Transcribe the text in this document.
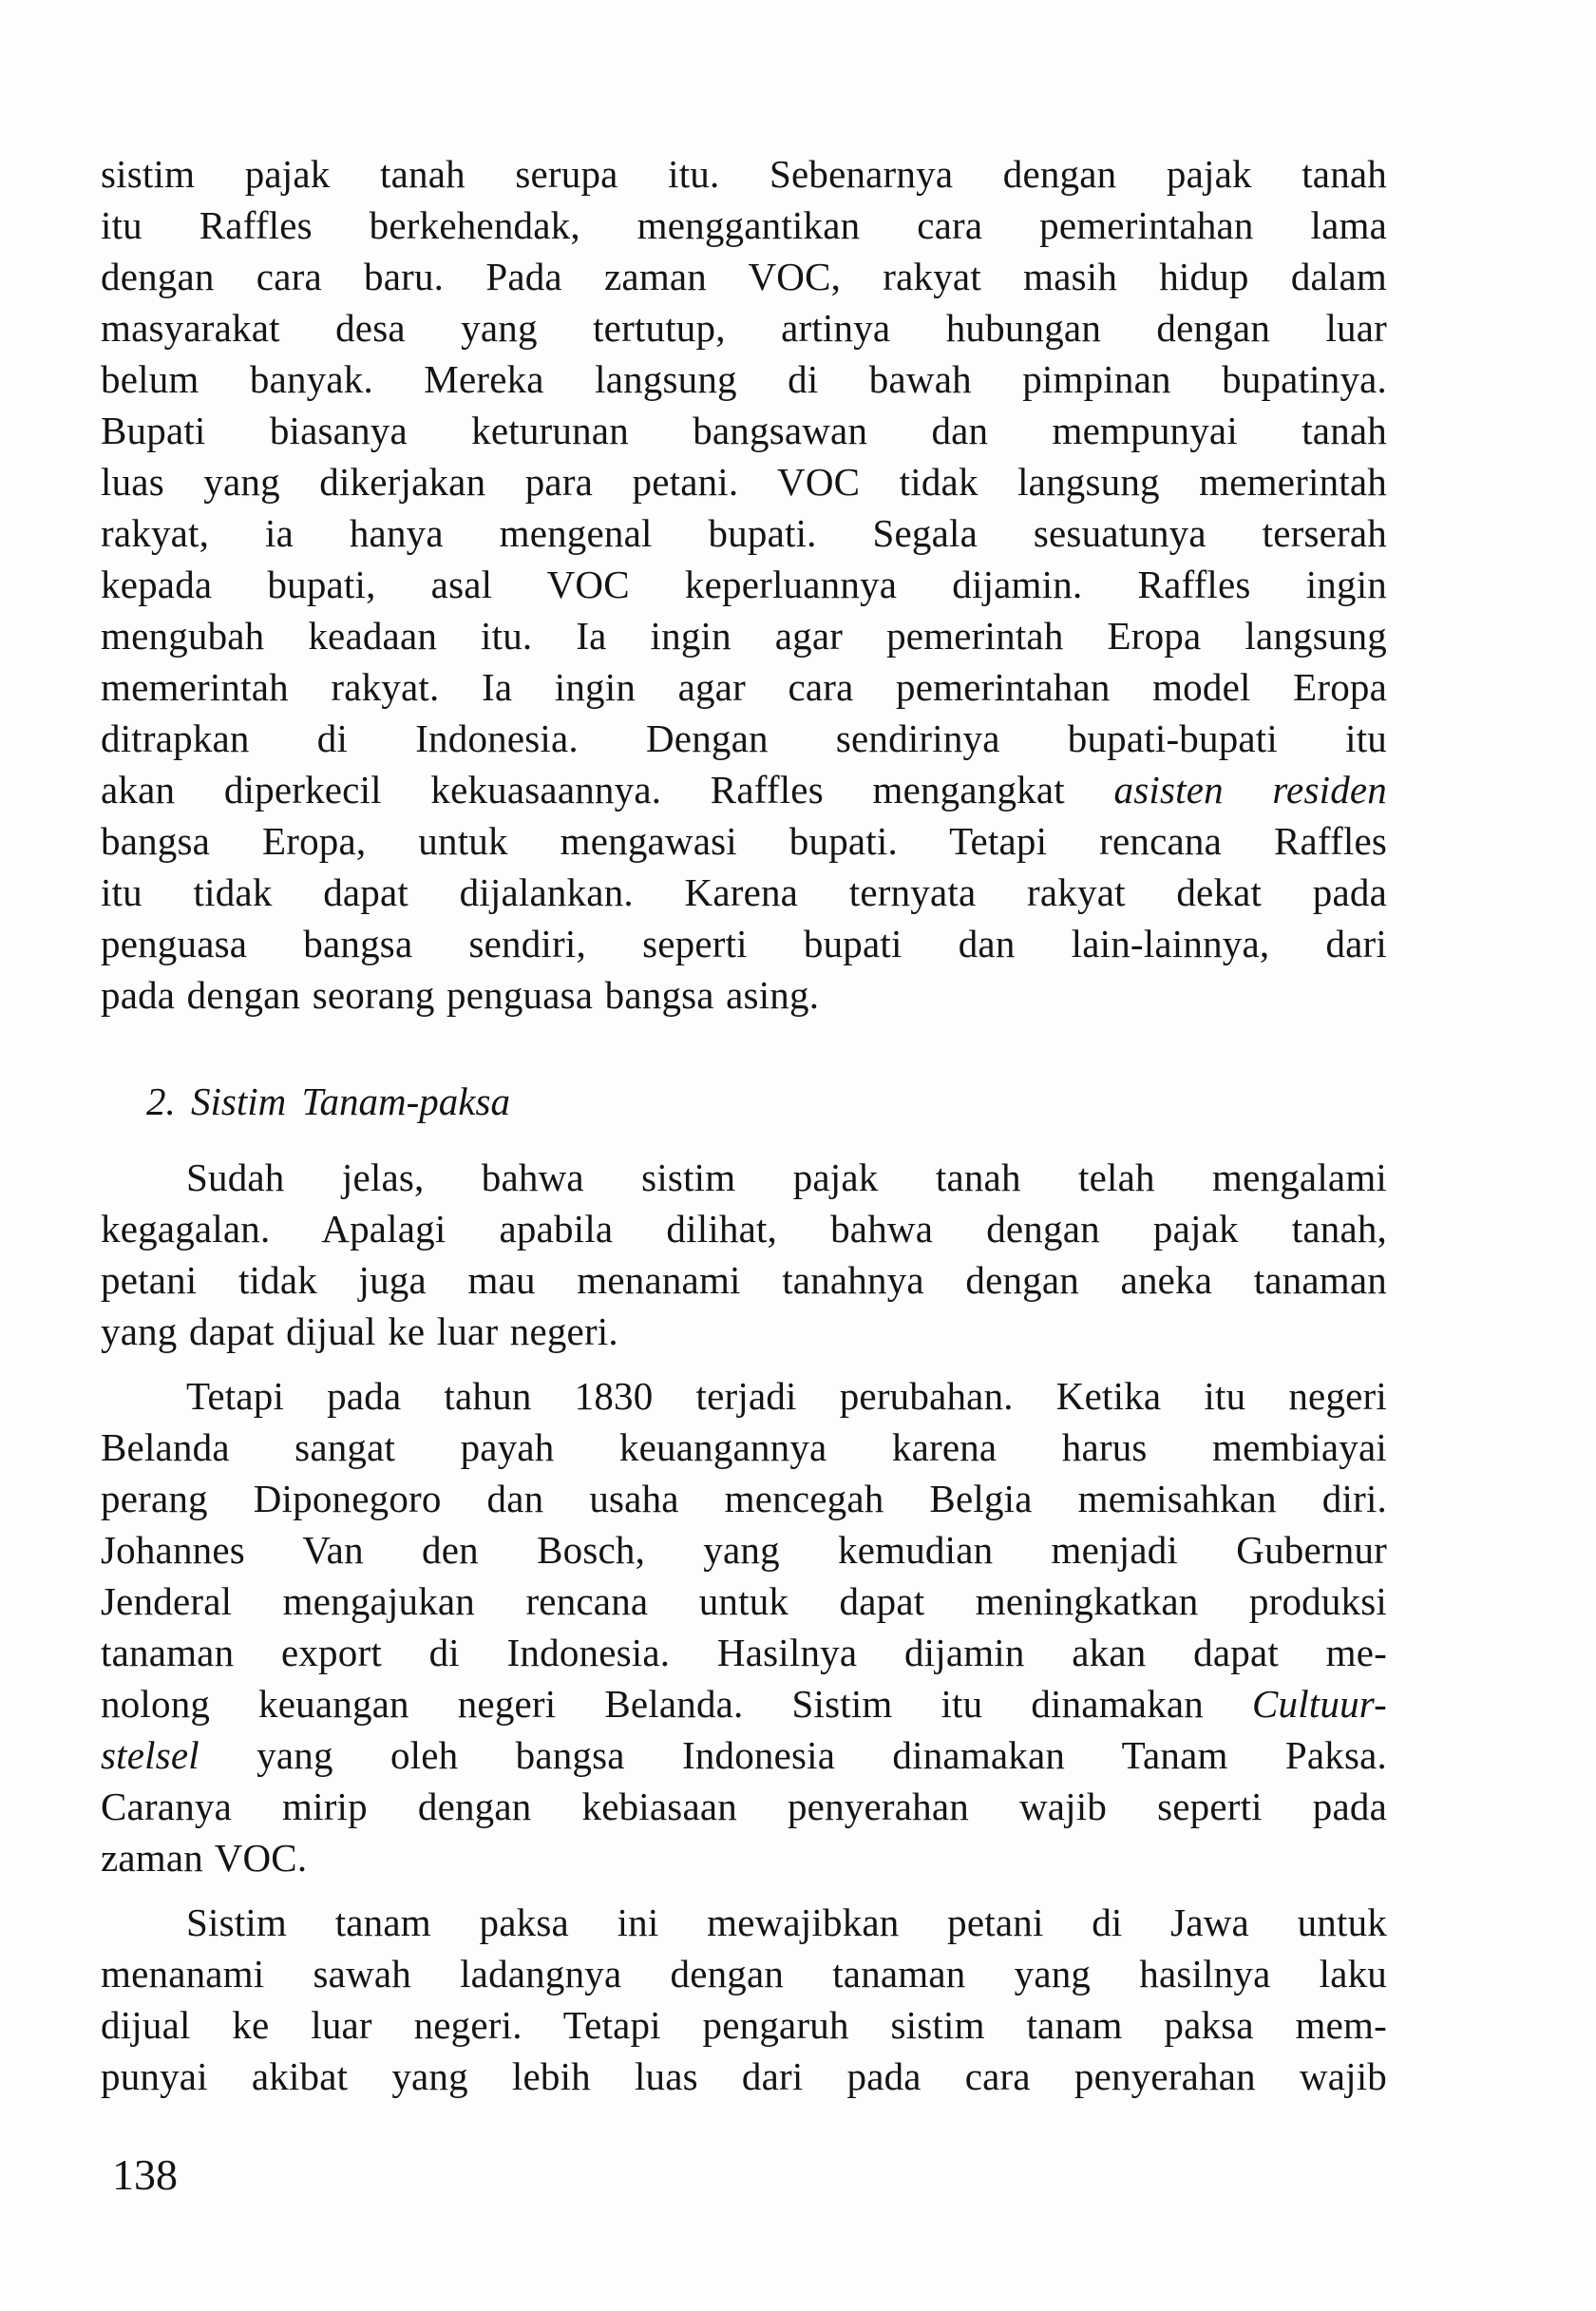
sistim pajak tanah serupa itu. Sebenarnya dengan pajak tanah
itu Raffles berkehendak, menggantikan cara pemerintahan lama
dengan cara baru. Pada zaman VOC, rakyat masih hidup dalam
masyarakat desa yang tertutup, artinya hubungan dengan luar
belum banyak. Mereka langsung di bawah pimpinan bupatinya.
Bupati biasanya keturunan bangsawan dan mempunyai tanah
luas yang dikerjakan para petani. VOC tidak langsung memerintah
rakyat, ia hanya mengenal bupati. Segala sesuatunya terserah
kepada bupati, asal VOC keperluannya dijamin. Raffles ingin
mengubah keadaan itu. Ia ingin agar pemerintah Eropa langsung
memerintah rakyat. Ia ingin agar cara pemerintahan model Eropa
ditrapkan di Indonesia. Dengan sendirinya bupati-bupati itu
akan diperkecil kekuasaannya. Raffles mengangkat asisten residen
bangsa Eropa, untuk mengawasi bupati. Tetapi rencana Raffles
itu tidak dapat dijalankan. Karena ternyata rakyat dekat pada
penguasa bangsa sendiri, seperti bupati dan lain-lainnya, dari
pada dengan seorang penguasa bangsa asing.
2. Sistim Tanam-paksa
Sudah jelas, bahwa sistim pajak tanah telah mengalami
kegagalan. Apalagi apabila dilihat, bahwa dengan pajak tanah,
petani tidak juga mau menanami tanahnya dengan aneka tanaman
yang dapat dijual ke luar negeri.
Tetapi pada tahun 1830 terjadi perubahan. Ketika itu negeri
Belanda sangat payah keuangannya karena harus membiayai
perang Diponegoro dan usaha mencegah Belgia memisahkan diri.
Johannes Van den Bosch, yang kemudian menjadi Gubernur
Jenderal mengajukan rencana untuk dapat meningkatkan produksi
tanaman export di Indonesia. Hasilnya dijamin akan dapat me-
nolong keuangan negeri Belanda. Sistim itu dinamakan Cultuur-
stelsel yang oleh bangsa Indonesia dinamakan Tanam Paksa.
Caranya mirip dengan kebiasaan penyerahan wajib seperti pada
zaman VOC.
Sistim tanam paksa ini mewajibkan petani di Jawa untuk
menanami sawah ladangnya dengan tanaman yang hasilnya laku
dijual ke luar negeri. Tetapi pengaruh sistim tanam paksa mem-
punyai akibat yang lebih luas dari pada cara penyerahan wajib
138
